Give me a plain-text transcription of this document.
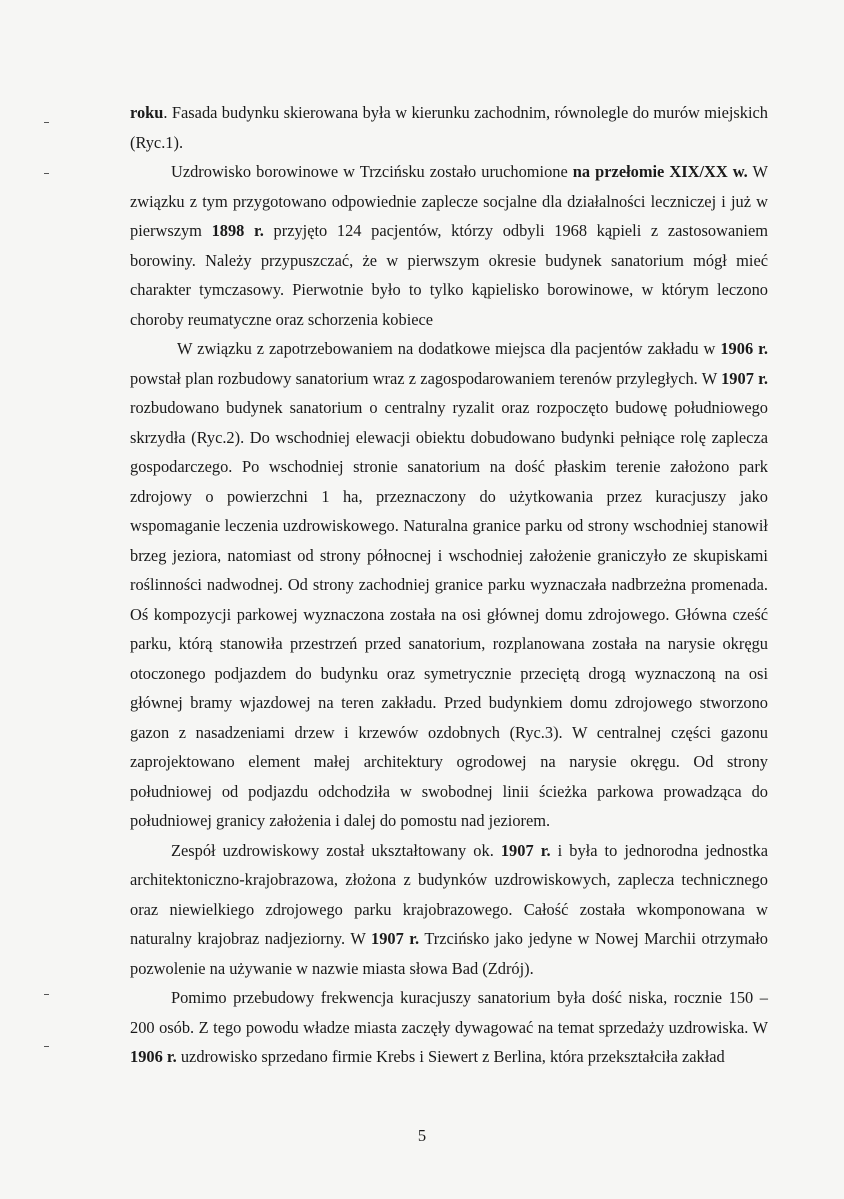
roku. Fasada budynku skierowana była w kierunku zachodnim, równolegle do murów miejskich (Ryc.1).

Uzdrowisko borowinowe w Trzcińsku zostało uruchomione na przełomie XIX/XX w. W związku z tym przygotowano odpowiednie zaplecze socjalne dla działalności leczniczej i już w pierwszym 1898 r. przyjęto 124 pacjentów, którzy odbyli 1968 kąpieli z zastosowaniem borowiny. Należy przypuszczać, że w pierwszym okresie budynek sanatorium mógł mieć charakter tymczasowy. Pierwotnie było to tylko kąpielisko borowinowe, w którym leczono choroby reumatyczne oraz schorzenia kobiece

W związku z zapotrzebowaniem na dodatkowe miejsca dla pacjentów zakładu w 1906 r. powstał plan rozbudowy sanatorium wraz z zagospodarowaniem terenów przyległych. W 1907 r. rozbudowano budynek sanatorium o centralny ryzalit oraz rozpoczęto budowę południowego skrzydła (Ryc.2). Do wschodniej elewacji obiektu dobudowano budynki pełniące rolę zaplecza gospodarczego. Po wschodniej stronie sanatorium na dość płaskim terenie założono park zdrojowy o powierzchni 1 ha, przeznaczony do użytkowania przez kuracjuszy jako wspomaganie leczenia uzdrowiskowego. Naturalna granice parku od strony wschodniej stanowił brzeg jeziora, natomiast od strony północnej i wschodniej założenie graniczyło ze skupiskami roślinności nadwodnej. Od strony zachodniej granice parku wyznaczała nadbrzeżna promenada. Oś kompozycji parkowej wyznaczona została na osi głównej domu zdrojowego. Główna cześć parku, którą stanowiła przestrzeń przed sanatorium, rozplanowana została na narysie okręgu otoczonego podjazdem do budynku oraz symetrycznie przeciętą drogą wyznaczoną na osi głównej bramy wjazdowej na teren zakładu. Przed budynkiem domu zdrojowego stworzono gazon z nasadzeniami drzew i krzewów ozdobnych (Ryc.3). W centralnej części gazonu zaprojektowano element małej architektury ogrodowej na narysie okręgu. Od strony południowej od podjazdu odchodziła w swobodnej linii ścieżka parkowa prowadząca do południowej granicy założenia i dalej do pomostu nad jeziorem.

Zespół uzdrowiskowy został ukształtowany ok. 1907 r. i była to jednorodna jednostka architektoniczno-krajobrazowa, złożona z budynków uzdrowiskowych, zaplecza technicznego oraz niewielkiego zdrojowego parku krajobrazowego. Całość została wkomponowana w naturalny krajobraz nadjeziorny. W 1907 r. Trzcińsko jako jedyne w Nowej Marchii otrzymało pozwolenie na używanie w nazwie miasta słowa Bad (Zdrój).

Pomimo przebudowy frekwencja kuracjuszy sanatorium była dość niska, rocznie 150 – 200 osób. Z tego powodu władze miasta zaczęły dywagować na temat sprzedaży uzdrowiska. W 1906 r. uzdrowisko sprzedano firmie Krebs i Siewert z Berlina, która przekształciła zakład

5
